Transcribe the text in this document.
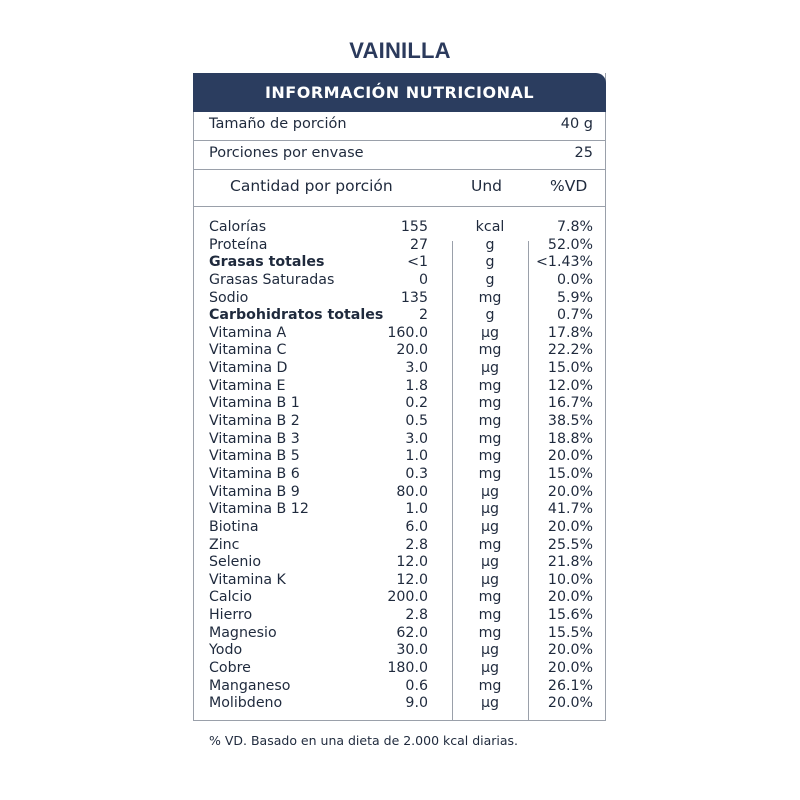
VAINILLA
INFORMACIÓN NUTRICIONAL
Tamaño de porción	40 g
Porciones por envase	25
Cantidad por porción	Und	%VD
Calorías	155	kcal	7.8%
Proteína	27	g	52.0%
Grasas totales	<1	g	<1.43%
Grasas Saturadas	0	g	0.0%
Sodio	135	mg	5.9%
Carbohidratos totales	2	g	0.7%
Vitamina A	160.0	µg	17.8%
Vitamina C	20.0	mg	22.2%
Vitamina D	3.0	µg	15.0%
Vitamina E	1.8	mg	12.0%
Vitamina B 1	0.2	mg	16.7%
Vitamina B 2	0.5	mg	38.5%
Vitamina B 3	3.0	mg	18.8%
Vitamina B 5	1.0	mg	20.0%
Vitamina B 6	0.3	mg	15.0%
Vitamina B 9	80.0	µg	20.0%
Vitamina B 12	1.0	µg	41.7%
Biotina	6.0	µg	20.0%
Zinc	2.8	mg	25.5%
Selenio	12.0	µg	21.8%
Vitamina K	12.0	µg	10.0%
Calcio	200.0	mg	20.0%
Hierro	2.8	mg	15.6%
Magnesio	62.0	mg	15.5%
Yodo	30.0	µg	20.0%
Cobre	180.0	µg	20.0%
Manganeso	0.6	mg	26.1%
Molibdeno	9.0	µg	20.0%
% VD. Basado en una dieta de 2.000 kcal diarias.
